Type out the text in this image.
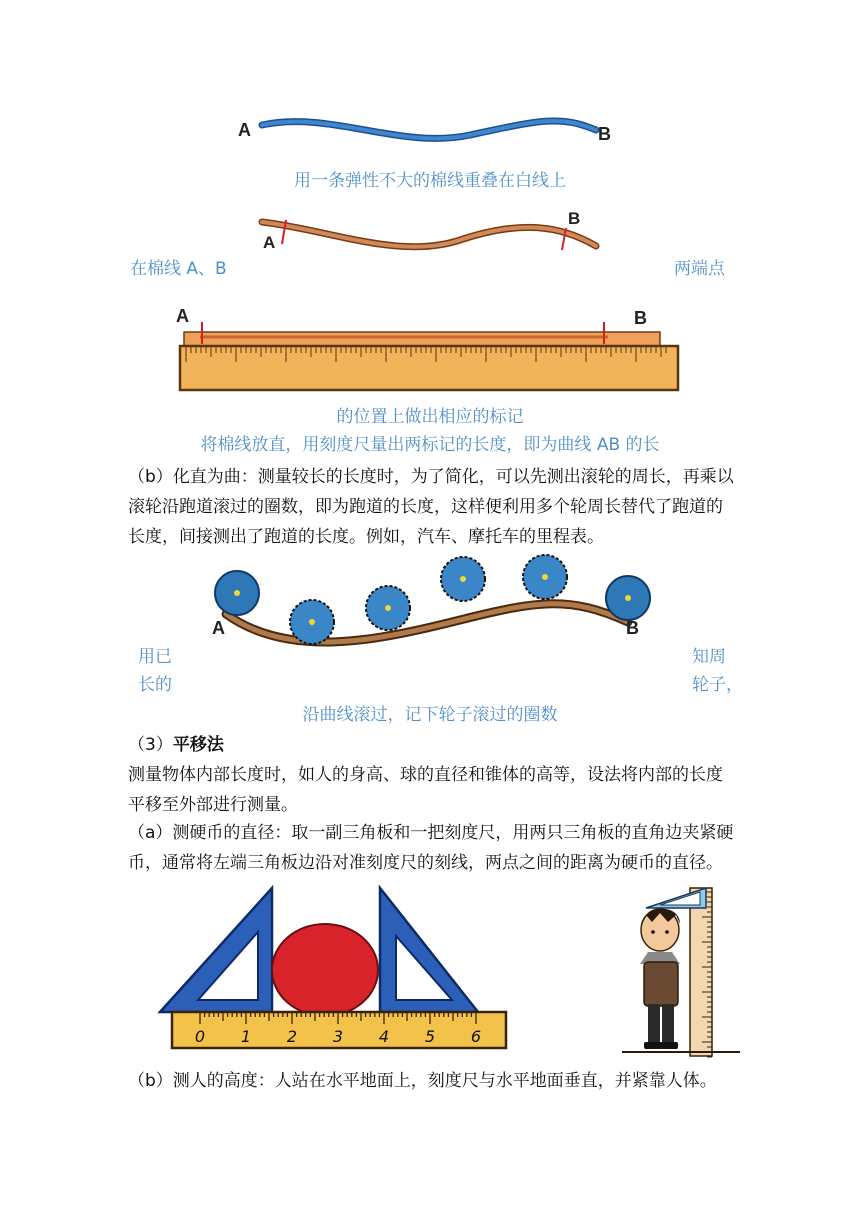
A	B
用一条弹性不大的棉线重叠在白线上
A
B
在棉线 A、B	两端点
A	B
的位置上做出相应的标记
将棉线放直，用刻度尺量出两标记的长度，即为曲线 AB 的长

（b）化直为曲：测量较长的长度时，为了简化，可以先测出滚轮的周长，再乘以滚轮沿跑道滚过的圈数，即为跑道的长度，这样便利用多个轮周长替代了跑道的长度，间接测出了跑道的长度。例如，汽车、摩托车的里程表。

A	B
用已
长的
知周
轮子，
沿曲线滚过，记下轮子滚过的圈数

（3）平移法

测量物体内部长度时，如人的身高、球的直径和锥体的高等，设法将内部的长度平移至外部进行测量。

（a）测硬币的直径：取一副三角板和一把刻度尺，用两只三角板的直角边夹紧硬币，通常将左端三角板边沿对准刻度尺的刻线，两点之间的距离为硬币的直径。

0 1 2 3 4 5 6

（b）测人的高度：人站在水平地面上，刻度尺与水平地面垂直，并紧靠人体。
